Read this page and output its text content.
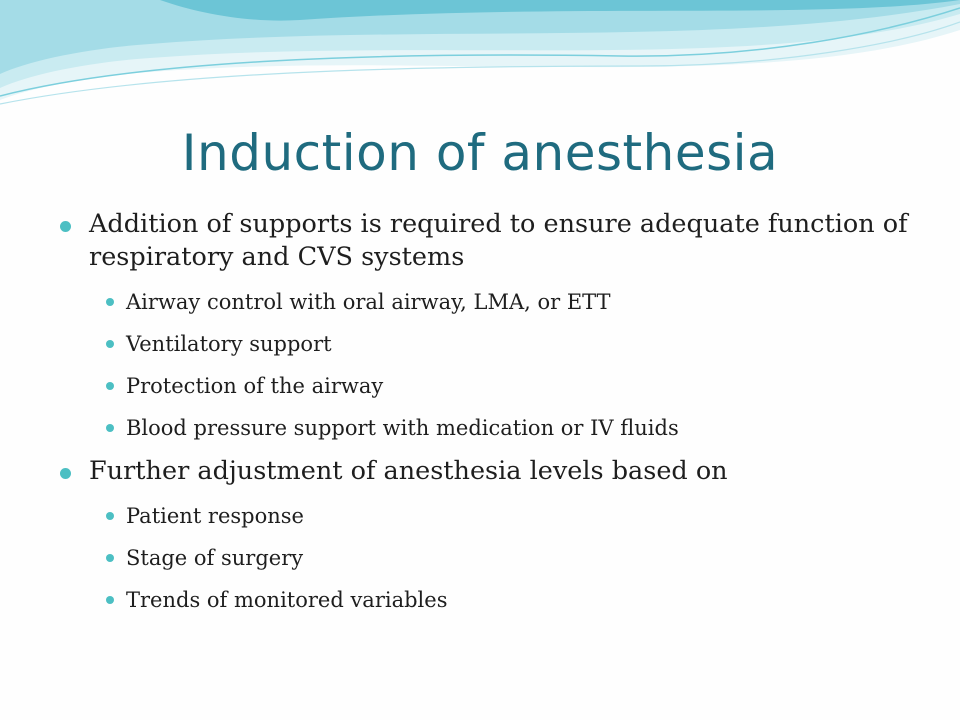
Induction of anesthesia
Addition of supports is required to ensure adequate function of respiratory and CVS systems
Airway control with oral airway, LMA, or ETT
Ventilatory support
Protection of the airway
Blood pressure support with medication or IV fluids
Further adjustment of anesthesia levels based on
Patient response
Stage of surgery
Trends of monitored variables
